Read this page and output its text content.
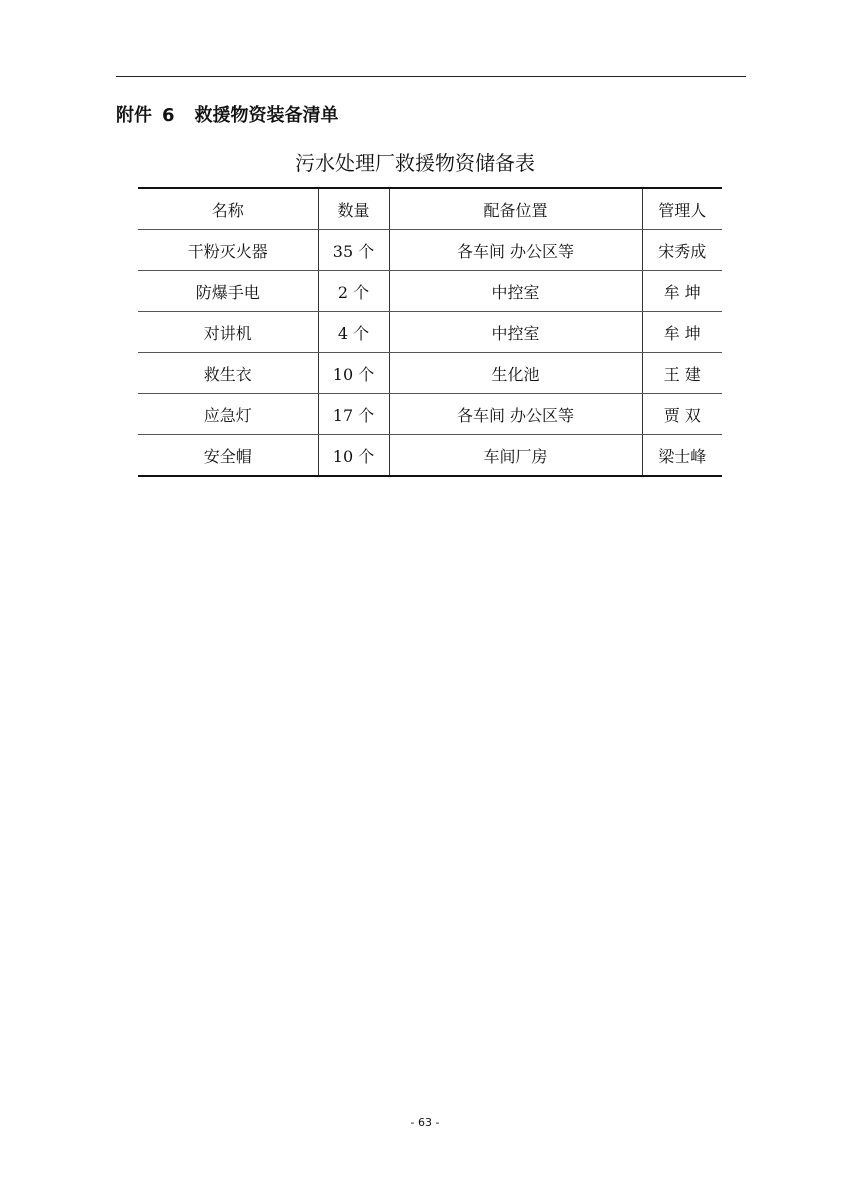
附件 6 救援物资装备清单
污水处理厂救援物资储备表
名称	数量	配备位置	管理人
干粉灭火器	35 个	各车间 办公区等	宋秀成
防爆手电	2 个	中控室	牟 坤
对讲机	4 个	中控室	牟 坤
救生衣	10 个	生化池	王 建
应急灯	17 个	各车间 办公区等	贾 双
安全帽	10 个	车间厂房	梁士峰
- 63 -
